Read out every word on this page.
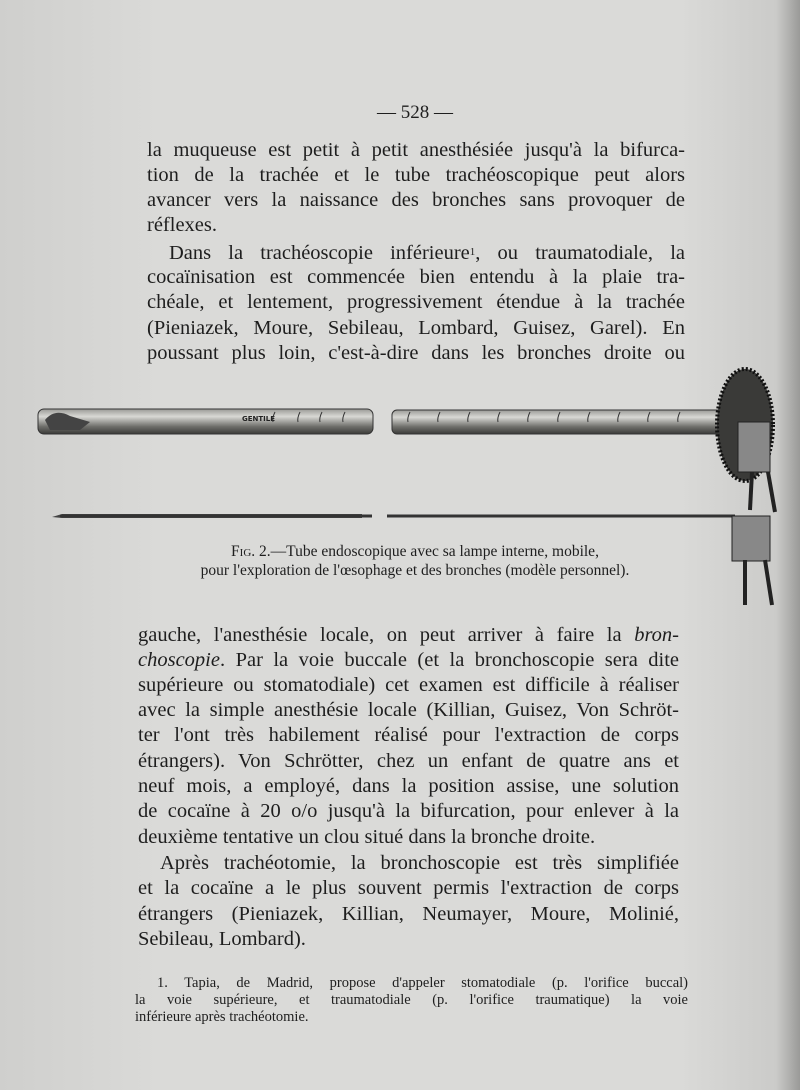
— 528 —
la muqueuse est petit à petit anesthésiée jusqu'à la bifurca-
tion de la trachée et le tube trachéoscopique peut alors
avancer vers la naissance des bronches sans provoquer de
réflexes.
Dans la trachéoscopie inférieure$^1$, ou traumatodiale, la
cocaïnisation est commencée bien entendu à la plaie tra-
chéale, et lentement, progressivement étendue à la trachée
(Pieniazek, Moure, Sebileau, Lombard, Guisez, Garel). En
poussant plus loin, c'est-à-dire dans les bronches droite ou
GENTILE
Fig. 2.—Tube endoscopique avec sa lampe interne, mobile,
pour l'exploration de l'œsophage et des bronches (modèle personnel).
gauche, l'anesthésie locale, on peut arriver à faire la bron-
choscopie. Par la voie buccale (et la bronchoscopie sera dite
supérieure ou stomatodiale) cet examen est difficile à réaliser
avec la simple anesthésie locale (Killian, Guisez, Von Schröt-
ter l'ont très habilement réalisé pour l'extraction de corps
étrangers). Von Schrötter, chez un enfant de quatre ans et
neuf mois, a employé, dans la position assise, une solution
de cocaïne à 20 o/o jusqu'à la bifurcation, pour enlever à la
deuxième tentative un clou situé dans la bronche droite.
Après trachéotomie, la bronchoscopie est très simplifiée
et la cocaïne a le plus souvent permis l'extraction de corps
étrangers (Pieniazek, Killian, Neumayer, Moure, Molinié,
Sebileau, Lombard).
1. Tapia, de Madrid, propose d'appeler stomatodiale (p. l'orifice buccal)
la voie supérieure, et traumatodiale (p. l'orifice traumatique) la voie
inférieure après trachéotomie.
